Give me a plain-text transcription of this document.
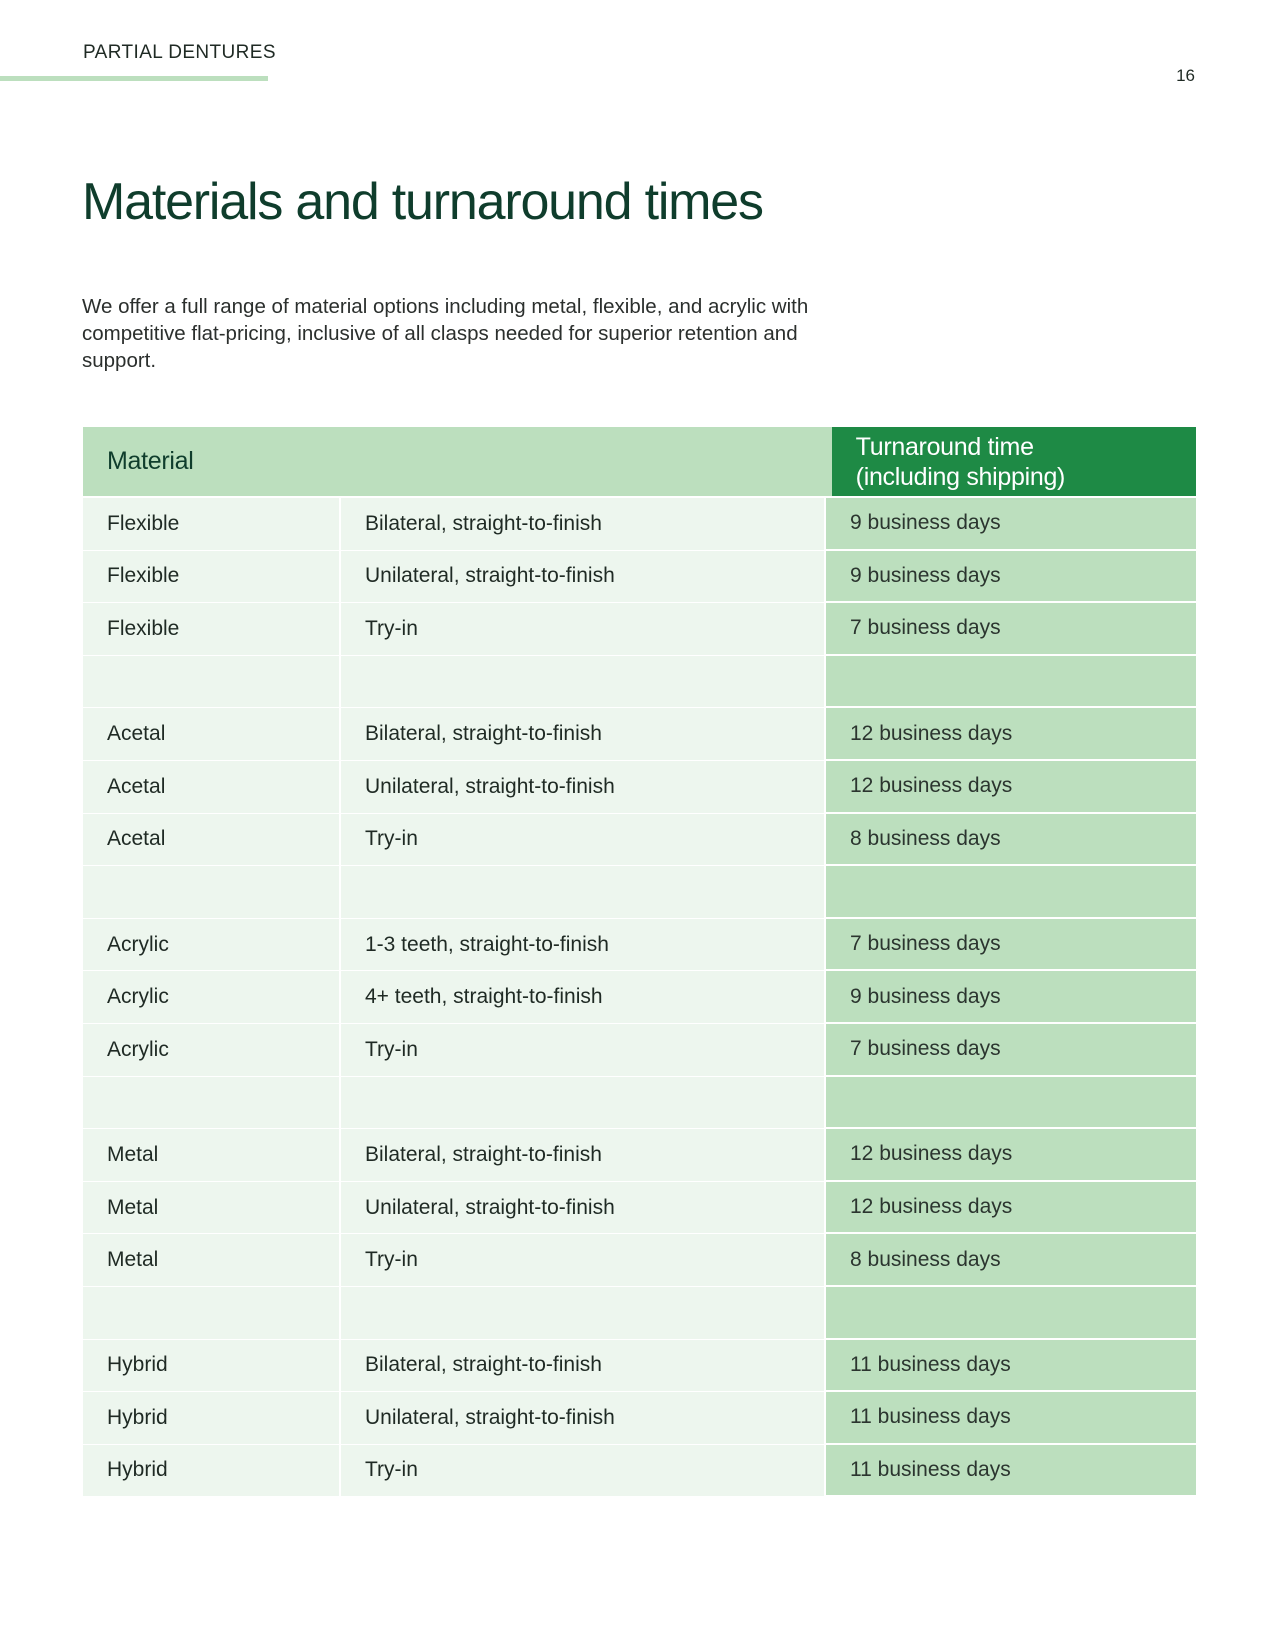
PARTIAL DENTURES
16
Materials and turnaround times

We offer a full range of material options including metal, flexible, and acrylic with competitive flat-pricing, inclusive of all clasps needed for superior retention and support.

Material
Turnaround time
(including shipping)
Flexible	Bilateral, straight-to-finish	9 business days
Flexible	Unilateral, straight-to-finish	9 business days
Flexible	Try-in	7 business days
Acetal	Bilateral, straight-to-finish	12 business days
Acetal	Unilateral, straight-to-finish	12 business days
Acetal	Try-in	8 business days
Acrylic	1-3 teeth, straight-to-finish	7 business days
Acrylic	4+ teeth, straight-to-finish	9 business days
Acrylic	Try-in	7 business days
Metal	Bilateral, straight-to-finish	12 business days
Metal	Unilateral, straight-to-finish	12 business days
Metal	Try-in	8 business days
Hybrid	Bilateral, straight-to-finish	11 business days
Hybrid	Unilateral, straight-to-finish	11 business days
Hybrid	Try-in	11 business days
